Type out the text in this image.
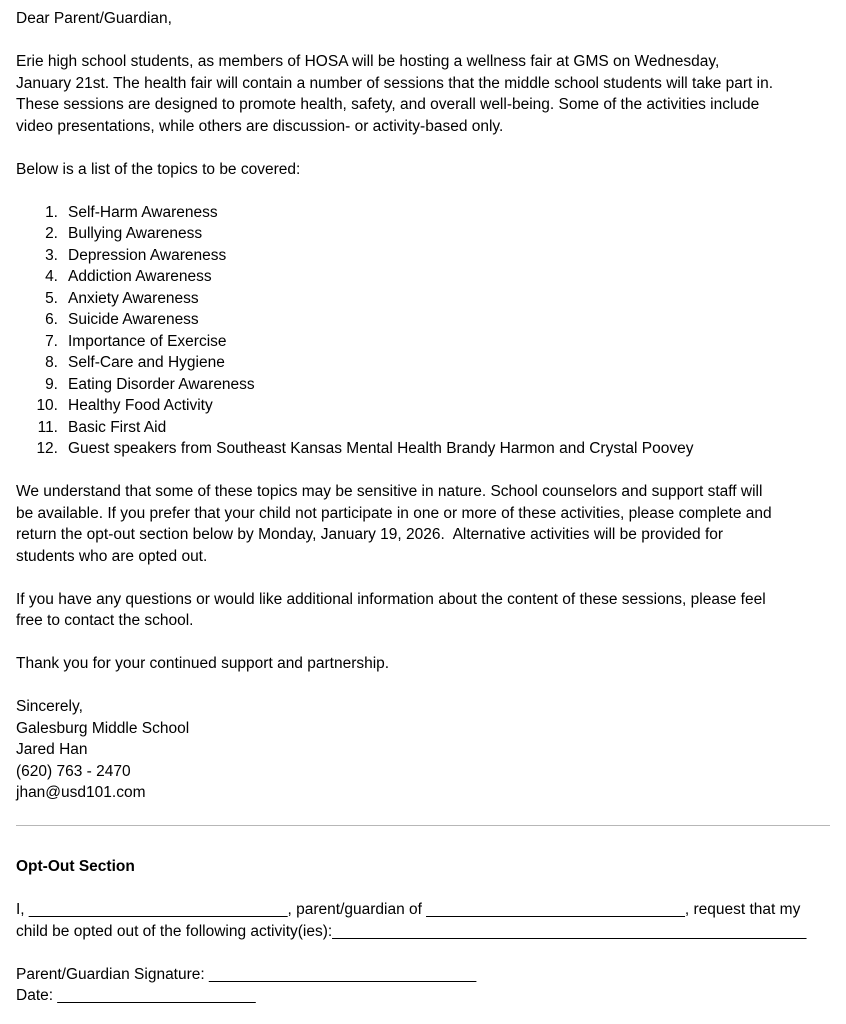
Dear Parent/Guardian,
Erie high school students, as members of HOSA will be hosting a wellness fair at GMS on Wednesday,
January 21st. The health fair will contain a number of sessions that the middle school students will take part in.
These sessions are designed to promote health, safety, and overall well-being. Some of the activities include
video presentations, while others are discussion- or activity-based only.
Below is a list of the topics to be covered:
1. Self-Harm Awareness
2. Bullying Awareness
3. Depression Awareness
4. Addiction Awareness
5. Anxiety Awareness
6. Suicide Awareness
7. Importance of Exercise
8. Self-Care and Hygiene
9. Eating Disorder Awareness
10. Healthy Food Activity
11. Basic First Aid
12. Guest speakers from Southeast Kansas Mental Health Brandy Harmon and Crystal Poovey
We understand that some of these topics may be sensitive in nature. School counselors and support staff will
be available. If you prefer that your child not participate in one or more of these activities, please complete and
return the opt-out section below by Monday, January 19, 2026.  Alternative activities will be provided for
students who are opted out.
If you have any questions or would like additional information about the content of these sessions, please feel
free to contact the school.
Thank you for your continued support and partnership.
Sincerely,
Galesburg Middle School
Jared Han
(620) 763 - 2470
jhan@usd101.com
Opt-Out Section
I, ______________________________, parent/guardian of ______________________________, request that my
child be opted out of the following activity(ies):_______________________________________________________
Parent/Guardian Signature: _______________________________
Date: _______________________
